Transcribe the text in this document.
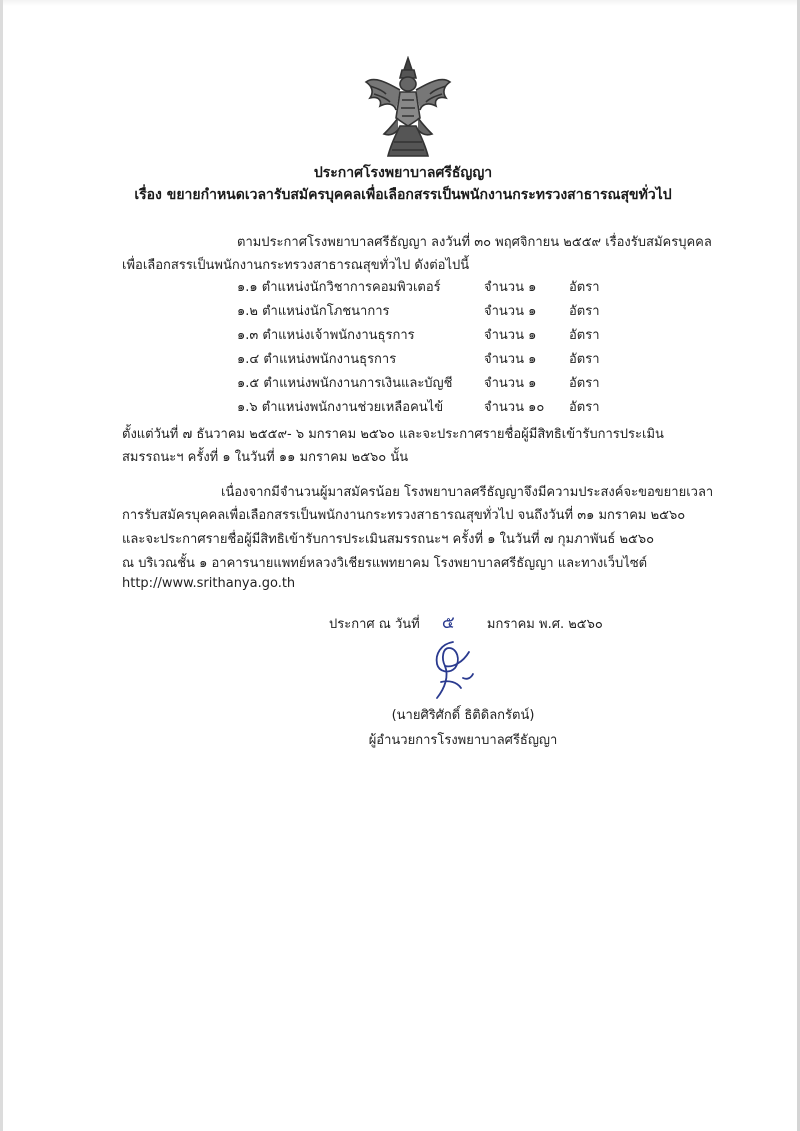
ประกาศโรงพยาบาลศรีธัญญา
เรื่อง ขยายกำหนดเวลารับสมัครบุคคลเพื่อเลือกสรรเป็นพนักงานกระทรวงสาธารณสุขทั่วไป
ตามประกาศโรงพยาบาลศรีธัญญา ลงวันที่ ๓๐ พฤศจิกายน ๒๕๕๙ เรื่องรับสมัครบุคคล
เพื่อเลือกสรรเป็นพนักงานกระทรวงสาธารณสุขทั่วไป ดังต่อไปนี้
๑.๑ ตำแหน่งนักวิชาการคอมพิวเตอร์	จำนวน ๑	อัตรา
๑.๒ ตำแหน่งนักโภชนาการ	จำนวน ๑	อัตรา
๑.๓ ตำแหน่งเจ้าพนักงานธุรการ	จำนวน ๑	อัตรา
๑.๔ ตำแหน่งพนักงานธุรการ	จำนวน ๑	อัตรา
๑.๕ ตำแหน่งพนักงานการเงินและบัญชี จำนวน ๑	อัตรา
๑.๖ ตำแหน่งพนักงานช่วยเหลือคนไข้	จำนวน ๑๐ อัตรา
ตั้งแต่วันที่ ๗ ธันวาคม ๒๕๕๙- ๖ มกราคม ๒๕๖๐ และจะประกาศรายชื่อผู้มีสิทธิเข้ารับการประเมิน
สมรรถนะฯ ครั้งที่ ๑ ในวันที่ ๑๑ มกราคม ๒๕๖๐ นั้น
เนื่องจากมีจำนวนผู้มาสมัครน้อย โรงพยาบาลศรีธัญญาจึงมีความประสงค์จะขอขยายเวลา
การรับสมัครบุคคลเพื่อเลือกสรรเป็นพนักงานกระทรวงสาธารณสุขทั่วไป จนถึงวันที่ ๓๑ มกราคม ๒๕๖๐
และจะประกาศรายชื่อผู้มีสิทธิเข้ารับการประเมินสมรรถนะฯ ครั้งที่ ๑ ในวันที่ ๗ กุมภาพันธ์ ๒๕๖๐
ณ บริเวณชั้น ๑ อาคารนายแพทย์หลวงวิเชียรแพทยาคม โรงพยาบาลศรีธัญญา และทางเว็บไซต์
http://www.srithanya.go.th
ประกาศ ณ วันที่ ๕ มกราคม พ.ศ. ๒๕๖๐
(นายศิริศักดิ์ ธิติดิลกรัตน์)
ผู้อำนวยการโรงพยาบาลศรีธัญญา
